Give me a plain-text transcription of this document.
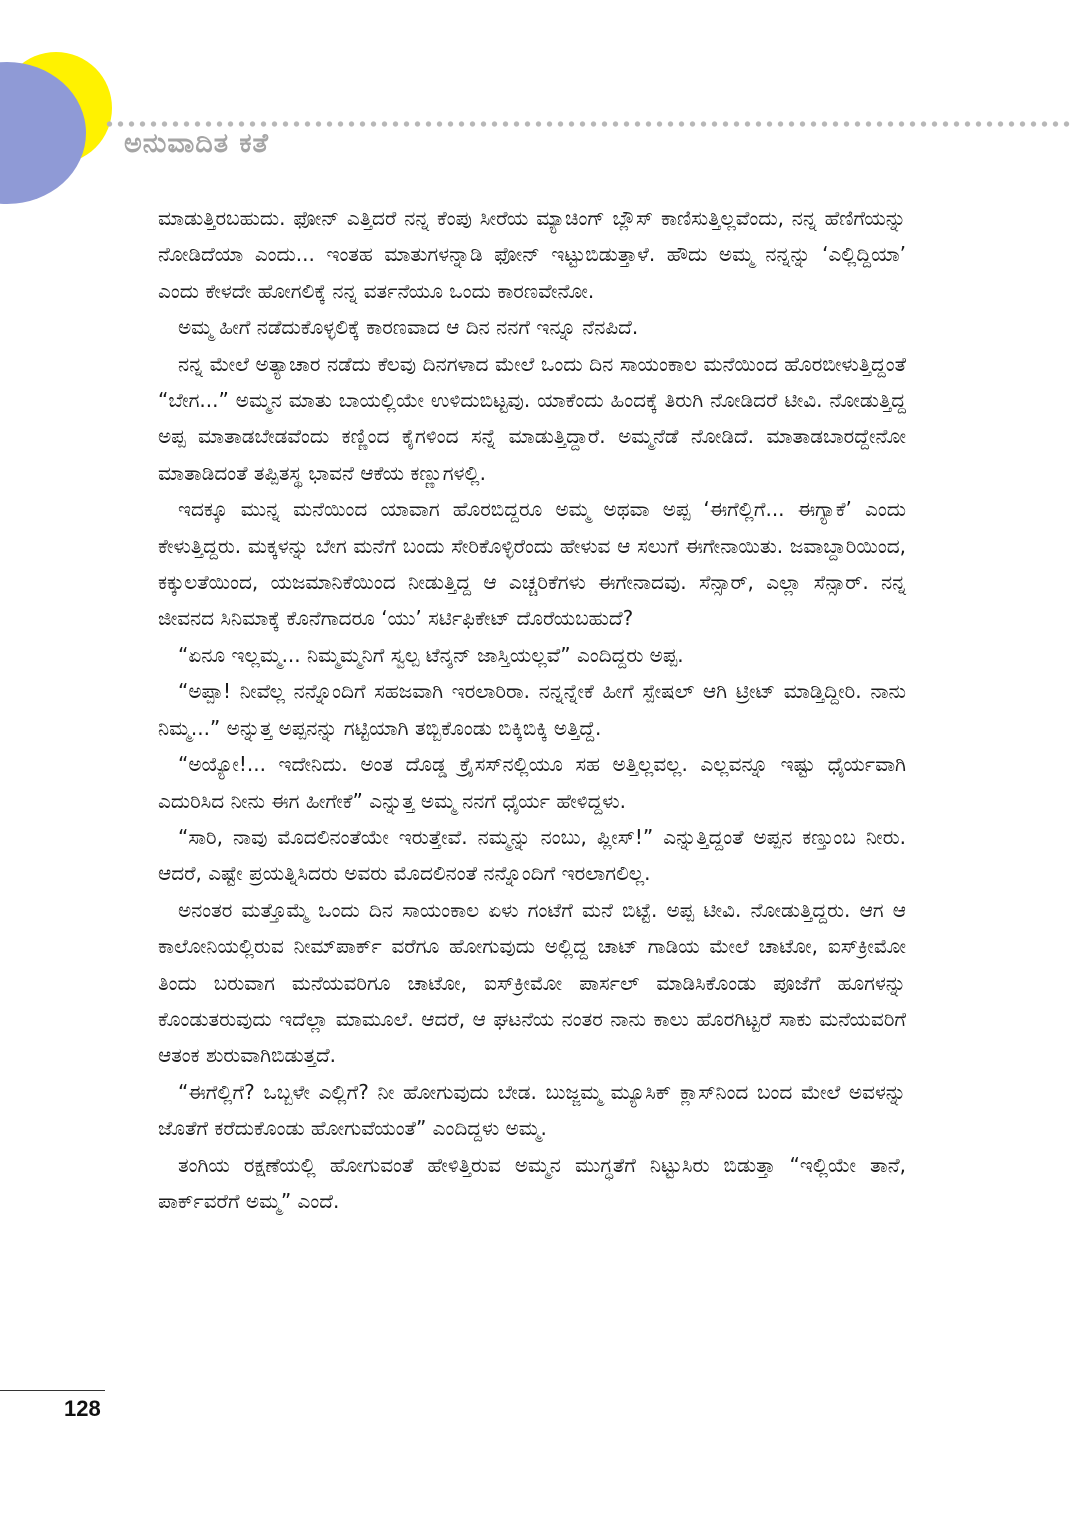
ಅನುವಾದಿತ ಕತೆ

ಮಾಡುತ್ತಿರಬಹುದು. ಫೋನ್ ಎತ್ತಿದರೆ ನನ್ನ ಕೆಂಪು ಸೀರೆಯ ಮ್ಯಾಚಿಂಗ್ ಬ್ಲೌಸ್ ಕಾಣಿಸುತ್ತಿಲ್ಲವೆಂದು, ನನ್ನ ಹೆಣಿಗೆಯನ್ನು ನೋಡಿದೆಯಾ ಎಂದು... ಇಂತಹ ಮಾತುಗಳನ್ನಾಡಿ ಫೋನ್ ಇಟ್ಟುಬಿಡುತ್ತಾಳೆ. ಹೌದು ಅಮ್ಮ ನನ್ನನ್ನು ‘ಎಲ್ಲಿದ್ದಿಯಾ’ ಎಂದು ಕೇಳದೇ ಹೋಗಲಿಕ್ಕೆ ನನ್ನ ವರ್ತನೆಯೂ ಒಂದು ಕಾರಣವೇನೋ.

ಅಮ್ಮ ಹೀಗೆ ನಡೆದುಕೊಳ್ಳಲಿಕ್ಕೆ ಕಾರಣವಾದ ಆ ದಿನ ನನಗೆ ಇನ್ನೂ ನೆನಪಿದೆ.

ನನ್ನ ಮೇಲೆ ಅತ್ಯಾಚಾರ ನಡೆದು ಕೆಲವು ದಿನಗಳಾದ ಮೇಲೆ ಒಂದು ದಿನ ಸಾಯಂಕಾಲ ಮನೆಯಿಂದ ಹೊರಬೀಳುತ್ತಿದ್ದಂತೆ “ಬೇಗ...” ಅಮ್ಮನ ಮಾತು ಬಾಯಲ್ಲಿಯೇ ಉಳಿದುಬಿಟ್ಟವು. ಯಾಕೆಂದು ಹಿಂದಕ್ಕೆ ತಿರುಗಿ ನೋಡಿದರೆ ಟೀವಿ. ನೋಡುತ್ತಿದ್ದ ಅಪ್ಪ ಮಾತಾಡಬೇಡವೆಂದು ಕಣ್ಣಿಂದ ಕೈಗಳಿಂದ ಸನ್ನೆ ಮಾಡುತ್ತಿದ್ದಾರೆ. ಅಮ್ಮನೆಡೆ ನೋಡಿದೆ. ಮಾತಾಡಬಾರದ್ದೇನೋ ಮಾತಾಡಿದಂತೆ ತಪ್ಪಿತಸ್ಥ ಭಾವನೆ ಆಕೆಯ ಕಣ್ಣುಗಳಲ್ಲಿ.

ಇದಕ್ಕೂ ಮುನ್ನ ಮನೆಯಿಂದ ಯಾವಾಗ ಹೊರಬಿದ್ದರೂ ಅಮ್ಮ ಅಥವಾ ಅಪ್ಪ ‘ಈಗೆಲ್ಲಿಗೆ... ಈಗ್ಯಾಕೆ’ ಎಂದು ಕೇಳುತ್ತಿದ್ದರು. ಮಕ್ಕಳನ್ನು ಬೇಗ ಮನೆಗೆ ಬಂದು ಸೇರಿಕೊಳ್ಳಿರೆಂದು ಹೇಳುವ ಆ ಸಲುಗೆ ಈಗೇನಾಯಿತು. ಜವಾಬ್ದಾರಿಯಿಂದ, ಕಕ್ಕುಲತೆಯಿಂದ, ಯಜಮಾನಿಕೆಯಿಂದ ನೀಡುತ್ತಿದ್ದ ಆ ಎಚ್ಚರಿಕೆಗಳು ಈಗೇನಾದವು. ಸೆನ್ಸಾರ್, ಎಲ್ಲಾ ಸೆನ್ಸಾರ್. ನನ್ನ ಜೀವನದ ಸಿನಿಮಾಕ್ಕೆ ಕೊನೆಗಾದರೂ ‘ಯು’ ಸರ್ಟಿಫಿಕೇಟ್ ದೊರೆಯಬಹುದೆ?

“ಏನೂ ಇಲ್ಲಮ್ಮ... ನಿಮ್ಮಮ್ಮನಿಗೆ ಸ್ವಲ್ಪ ಟೆನ್ಶನ್ ಜಾಸ್ತಿಯಲ್ಲವೆ” ಎಂದಿದ್ದರು ಅಪ್ಪ.

“ಅಪ್ಪಾ! ನೀವೆಲ್ಲ ನನ್ನೊಂದಿಗೆ ಸಹಜವಾಗಿ ಇರಲಾರಿರಾ. ನನ್ನನ್ನೇಕೆ ಹೀಗೆ ಸ್ಪೇಷಲ್ ಆಗಿ ಟ್ರೀಟ್ ಮಾಡ್ತಿದ್ದೀರಿ. ನಾನು ನಿಮ್ಮ...” ಅನ್ನುತ್ತ ಅಪ್ಪನನ್ನು ಗಟ್ಟಿಯಾಗಿ ತಬ್ಬಿಕೊಂಡು ಬಿಕ್ಕಿಬಿಕ್ಕಿ ಅತ್ತಿದ್ದೆ.

“ಅಯ್ಯೋ!... ಇದೇನಿದು. ಅಂತ ದೊಡ್ಡ ಕ್ರೈಸಸ್‌ನಲ್ಲಿಯೂ ಸಹ ಅತ್ತಿಲ್ಲವಲ್ಲ. ಎಲ್ಲವನ್ನೂ ಇಷ್ಟು ಧೈರ್ಯವಾಗಿ ಎದುರಿಸಿದ ನೀನು ಈಗ ಹೀಗೇಕೆ” ಎನ್ನುತ್ತ ಅಮ್ಮ ನನಗೆ ಧೈರ್ಯ ಹೇಳಿದ್ದಳು.

“ಸಾರಿ, ನಾವು ಮೊದಲಿನಂತೆಯೇ ಇರುತ್ತೇವೆ. ನಮ್ಮನ್ನು ನಂಬು, ಪ್ಲೀಸ್!” ಎನ್ನುತ್ತಿದ್ದಂತೆ ಅಪ್ಪನ ಕಣ್ತುಂಬ ನೀರು. ಆದರೆ, ಎಷ್ಟೇ ಪ್ರಯತ್ನಿಸಿದರು ಅವರು ಮೊದಲಿನಂತೆ ನನ್ನೊಂದಿಗೆ ಇರಲಾಗಲಿಲ್ಲ.

ಅನಂತರ ಮತ್ತೊಮ್ಮೆ ಒಂದು ದಿನ ಸಾಯಂಕಾಲ ಏಳು ಗಂಟೆಗೆ ಮನೆ ಬಿಟ್ಟೆ. ಅಪ್ಪ ಟೀವಿ. ನೋಡುತ್ತಿದ್ದರು. ಆಗ ಆ ಕಾಲೋನಿಯಲ್ಲಿರುವ ನೀಮ್‌ಪಾರ್ಕ್ ವರೆಗೂ ಹೋಗುವುದು ಅಲ್ಲಿದ್ದ ಚಾಟ್ ಗಾಡಿಯ ಮೇಲೆ ಚಾಟೋ, ಐಸ್‌ಕ್ರೀಮೋ ತಿಂದು ಬರುವಾಗ ಮನೆಯವರಿಗೂ ಚಾಟೋ, ಐಸ್‌ಕ್ರೀಮೋ ಪಾರ್ಸಲ್ ಮಾಡಿಸಿಕೊಂಡು ಪೂಜೆಗೆ ಹೂಗಳನ್ನು ಕೊಂಡುತರುವುದು ಇದೆಲ್ಲಾ ಮಾಮೂಲೆ. ಆದರೆ, ಆ ಘಟನೆಯ ನಂತರ ನಾನು ಕಾಲು ಹೊರಗಿಟ್ಟರೆ ಸಾಕು ಮನೆಯವರಿಗೆ ಆತಂಕ ಶುರುವಾಗಿಬಿಡುತ್ತದೆ.

“ಈಗೆಲ್ಲಿಗೆ? ಒಬ್ಬಳೇ ಎಲ್ಲಿಗೆ? ನೀ ಹೋಗುವುದು ಬೇಡ. ಬುಜ್ಜಮ್ಮ ಮ್ಯೂಸಿಕ್ ಕ್ಲಾಸ್‌ನಿಂದ ಬಂದ ಮೇಲೆ ಅವಳನ್ನು ಜೊತೆಗೆ ಕರೆದುಕೊಂಡು ಹೋಗುವೆಯಂತೆ” ಎಂದಿದ್ದಳು ಅಮ್ಮ.

ತಂಗಿಯ ರಕ್ಷಣೆಯಲ್ಲಿ ಹೋಗುವಂತೆ ಹೇಳಿತ್ತಿರುವ ಅಮ್ಮನ ಮುಗ್ಧತೆಗೆ ನಿಟ್ಟುಸಿರು ಬಿಡುತ್ತಾ “ಇಲ್ಲಿಯೇ ತಾನೆ, ಪಾರ್ಕ್‌ವರೆಗೆ ಅಮ್ಮ” ಎಂದೆ.

128
